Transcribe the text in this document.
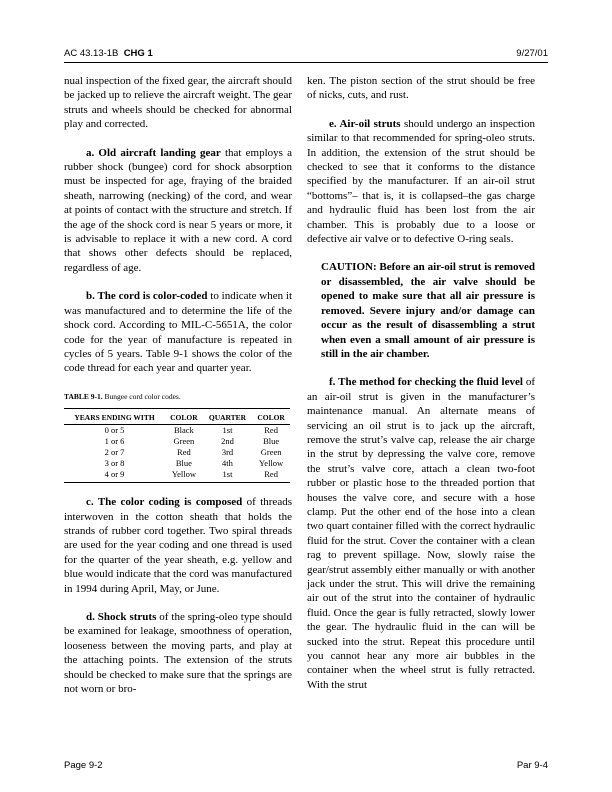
AC 43.13-1B CHG 1	9/27/01

nual inspection of the fixed gear, the aircraft should be jacked up to relieve the aircraft weight. The gear struts and wheels should be checked for abnormal play and corrected.

a. Old aircraft landing gear that employs a rubber shock (bungee) cord for shock absorption must be inspected for age, fraying of the braided sheath, narrowing (necking) of the cord, and wear at points of contact with the structure and stretch. If the age of the shock cord is near 5 years or more, it is advisable to replace it with a new cord. A cord that shows other defects should be replaced, regardless of age.

b. The cord is color-coded to indicate when it was manufactured and to determine the life of the shock cord. According to MIL-C-5651A, the color code for the year of manufacture is repeated in cycles of 5 years. Table 9-1 shows the color of the code thread for each year and quarter year.

TABLE 9-1. Bungee cord color codes.
YEARS ENDING WITH	COLOR	QUARTER	COLOR
0 or 5	Black	1st	Red
1 or 6	Green	2nd	Blue
2 or 7	Red	3rd	Green
3 or 8	Blue	4th	Yellow
4 or 9	Yellow	1st	Red

c. The color coding is composed of threads interwoven in the cotton sheath that holds the strands of rubber cord together. Two spiral threads are used for the year coding and one thread is used for the quarter of the year sheath, e.g. yellow and blue would indicate that the cord was manufactured in 1994 during April, May, or June.

d. Shock struts of the spring-oleo type should be examined for leakage, smoothness of operation, looseness between the moving parts, and play at the attaching points. The extension of the struts should be checked to make sure that the springs are not worn or bro-

ken. The piston section of the strut should be free of nicks, cuts, and rust.

e. Air-oil struts should undergo an inspection similar to that recommended for spring-oleo struts. In addition, the extension of the strut should be checked to see that it conforms to the distance specified by the manufacturer. If an air-oil strut “bottoms”– that is, it is collapsed–the gas charge and hydraulic fluid has been lost from the air chamber. This is probably due to a loose or defective air valve or to defective O-ring seals.

CAUTION: Before an air-oil strut is removed or disassembled, the air valve should be opened to make sure that all air pressure is removed. Severe injury and/or damage can occur as the result of disassembling a strut when even a small amount of air pressure is still in the air chamber.

f. The method for checking the fluid level of an air-oil strut is given in the manufacturer’s maintenance manual. An alternate means of servicing an oil strut is to jack up the aircraft, remove the strut’s valve cap, release the air charge in the strut by depressing the valve core, remove the strut’s valve core, attach a clean two-foot rubber or plastic hose to the threaded portion that houses the valve core, and secure with a hose clamp. Put the other end of the hose into a clean two quart container filled with the correct hydraulic fluid for the strut. Cover the container with a clean rag to prevent spillage. Now, slowly raise the gear/strut assembly either manually or with another jack under the strut. This will drive the remaining air out of the strut into the container of hydraulic fluid. Once the gear is fully retracted, slowly lower the gear. The hydraulic fluid in the can will be sucked into the strut. Repeat this procedure until you cannot hear any more air bubbles in the container when the wheel strut is fully retracted. With the strut

Page 9-2	Par 9-4
